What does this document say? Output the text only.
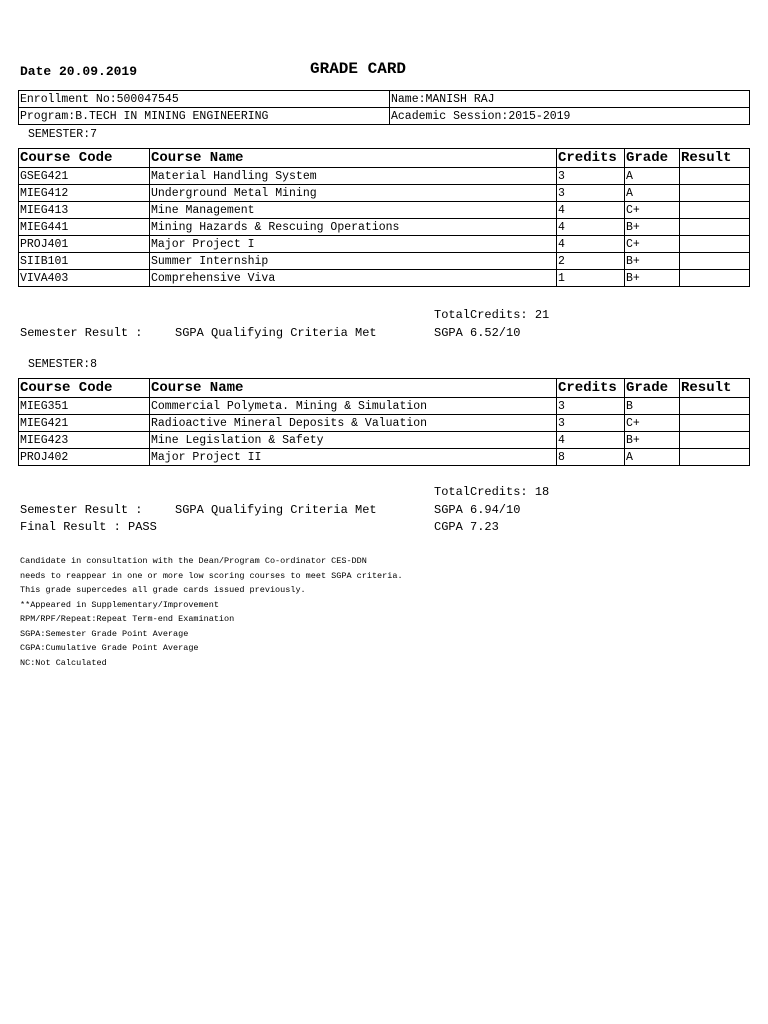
Date 20.09.2019	GRADE CARD
Enrollment No:500047545	Name:MANISH RAJ
Program:B.TECH IN MINING ENGINEERING	Academic Session:2015-2019
SEMESTER:7
Course Code	Course Name	Credits	Grade	Result
GSEG421	Material Handling System	3	A	
MIEG412	Underground Metal Mining	3	A	
MIEG413	Mine Management	4	C+	
MIEG441	Mining Hazards & Rescuing Operations	4	B+	
PROJ401	Major Project I	4	C+	
SIIB101	Summer Internship	2	B+	
VIVA403	Comprehensive Viva	1	B+	
TotalCredits: 21
Semester Result :	SGPA Qualifying Criteria Met	SGPA 6.52/10
SEMESTER:8
Course Code	Course Name	Credits	Grade	Result
MIEG351	Commercial Polymeta. Mining & Simulation	3	B	
MIEG421	Radioactive Mineral Deposits & Valuation	3	C+	
MIEG423	Mine Legislation & Safety	4	B+	
PROJ402	Major Project II	8	A	
TotalCredits: 18
Semester Result :	SGPA Qualifying Criteria Met	SGPA 6.94/10
Final Result : PASS	CGPA 7.23
Candidate in consultation with the Dean/Program Co-ordinator CES-DDN
needs to reappear in one or more low scoring courses to meet SGPA criteria.
This grade supercedes all grade cards issued previously.
**Appeared in Supplementary/Improvement
RPM/RPF/Repeat:Repeat Term-end Examination
SGPA:Semester Grade Point Average
CGPA:Cumulative Grade Point Average
NC:Not Calculated
